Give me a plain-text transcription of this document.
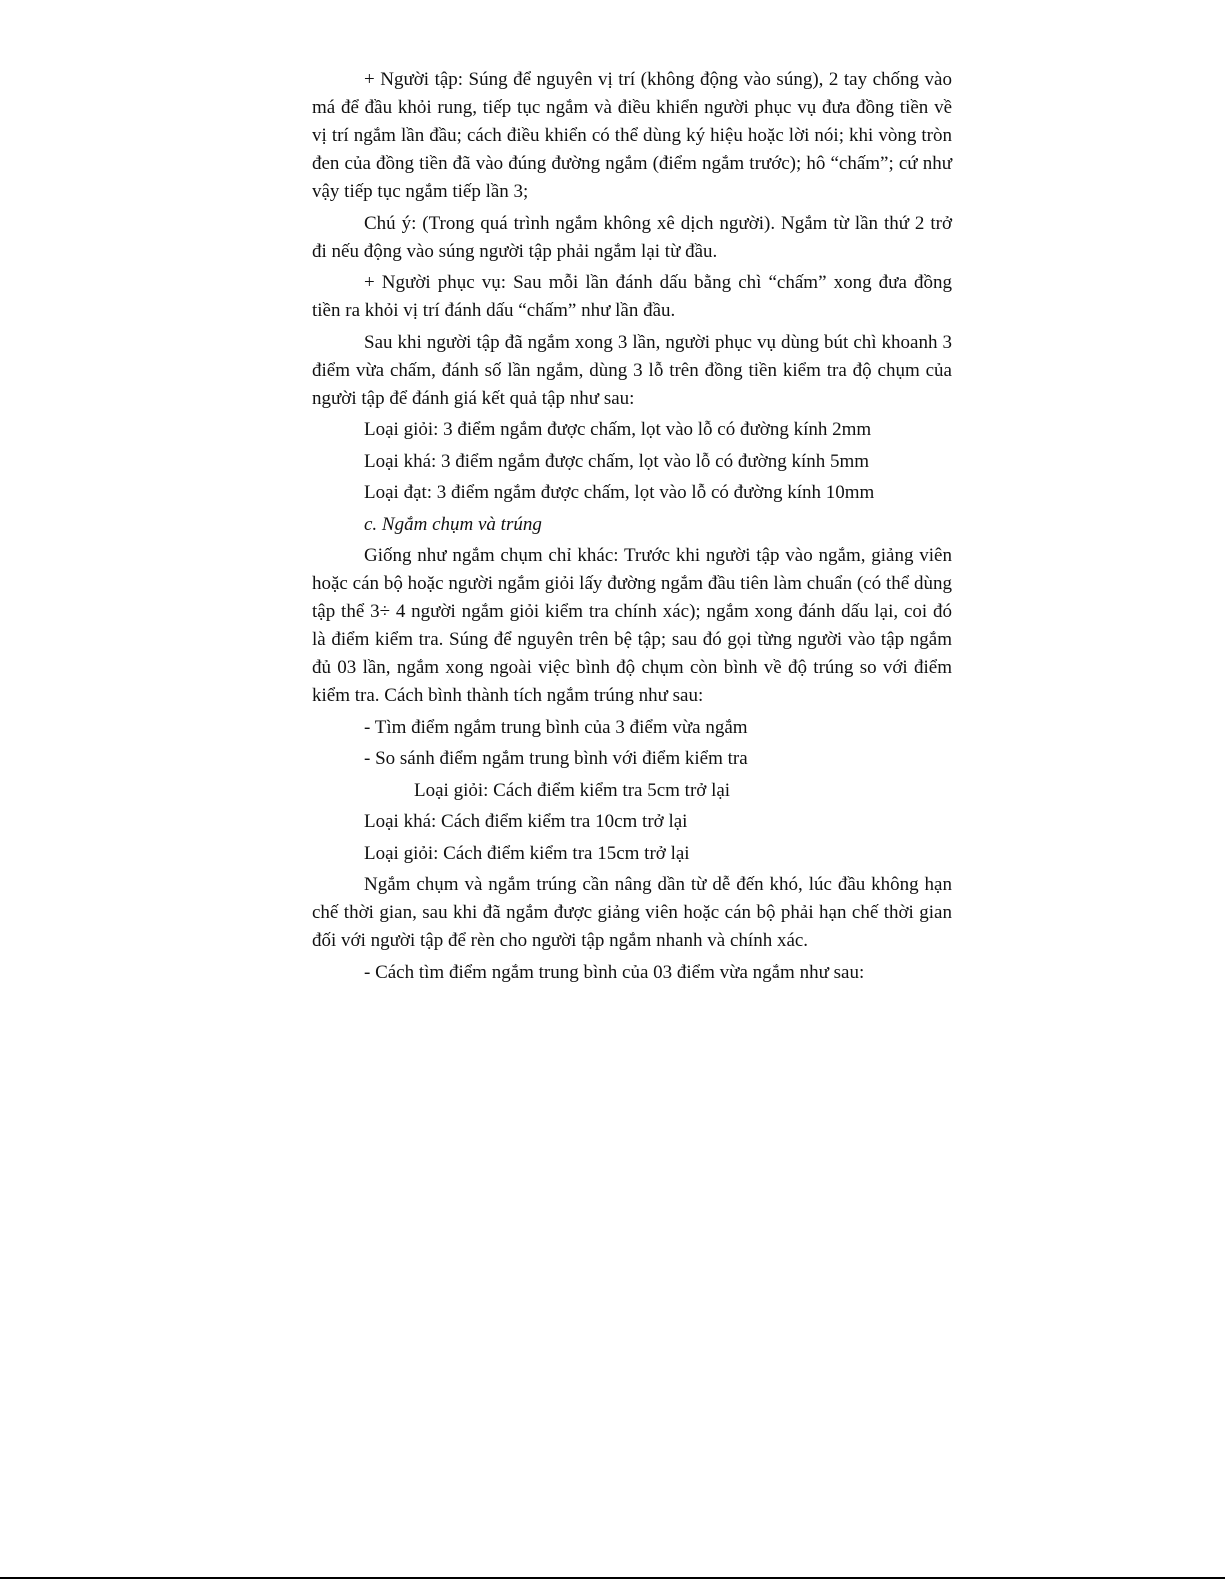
+ Người tập: Súng để nguyên vị trí (không động vào súng), 2 tay chống vào má để đầu khỏi rung, tiếp tục ngắm và điều khiển người phục vụ đưa đồng tiền về vị trí ngắm lần đầu; cách điều khiển có thể dùng ký hiệu hoặc lời nói; khi vòng tròn đen của đồng tiền đã vào đúng đường ngắm (điểm ngắm trước); hô “chấm”; cứ như vậy tiếp tục ngắm tiếp lần 3;

Chú ý: (Trong quá trình ngắm không xê dịch người). Ngắm từ lần thứ 2 trở đi nếu động vào súng người tập phải ngắm lại từ đầu.

+ Người phục vụ: Sau mỗi lần đánh dấu bằng chì “chấm” xong đưa đồng tiền ra khỏi vị trí đánh dấu “chấm” như lần đầu.

Sau khi người tập đã ngắm xong 3 lần, người phục vụ dùng bút chì khoanh 3 điểm vừa chấm, đánh số lần ngắm, dùng 3 lỗ trên đồng tiền kiểm tra độ chụm của người tập để đánh giá kết quả tập như sau:

Loại giỏi: 3 điểm ngắm được chấm, lọt vào lỗ có đường kính 2mm

Loại khá: 3 điểm ngắm được chấm, lọt vào lỗ có đường kính 5mm

Loại đạt: 3 điểm ngắm được chấm, lọt vào lỗ có đường kính 10mm

c. Ngắm chụm và trúng

Giống như ngắm chụm chỉ khác: Trước khi người tập vào ngắm, giảng viên hoặc cán bộ hoặc người ngắm giỏi lấy đường ngắm đầu tiên làm chuẩn (có thể dùng tập thể 3÷ 4 người ngắm giỏi kiểm tra chính xác); ngắm xong đánh dấu lại, coi đó là điểm kiểm tra. Súng để nguyên trên bệ tập; sau đó gọi từng người vào tập ngắm đủ 03 lần, ngắm xong ngoài việc bình độ chụm còn bình về độ trúng so với điểm kiểm tra. Cách bình thành tích ngắm trúng như sau:

- Tìm điểm ngắm trung bình của 3 điểm vừa ngắm

- So sánh điểm ngắm trung bình với điểm kiểm tra

Loại giỏi: Cách điểm kiểm tra 5cm trở lại

Loại khá: Cách điểm kiểm tra 10cm trở lại

Loại giỏi: Cách điểm kiểm tra 15cm trở lại

Ngắm chụm và ngắm trúng cần nâng dần từ dễ đến khó, lúc đầu không hạn chế thời gian, sau khi đã ngắm được giảng viên hoặc cán bộ phải hạn chế thời gian đối với người tập để rèn cho người tập ngắm nhanh và chính xác.

- Cách tìm điểm ngắm trung bình của 03 điểm vừa ngắm như sau:
